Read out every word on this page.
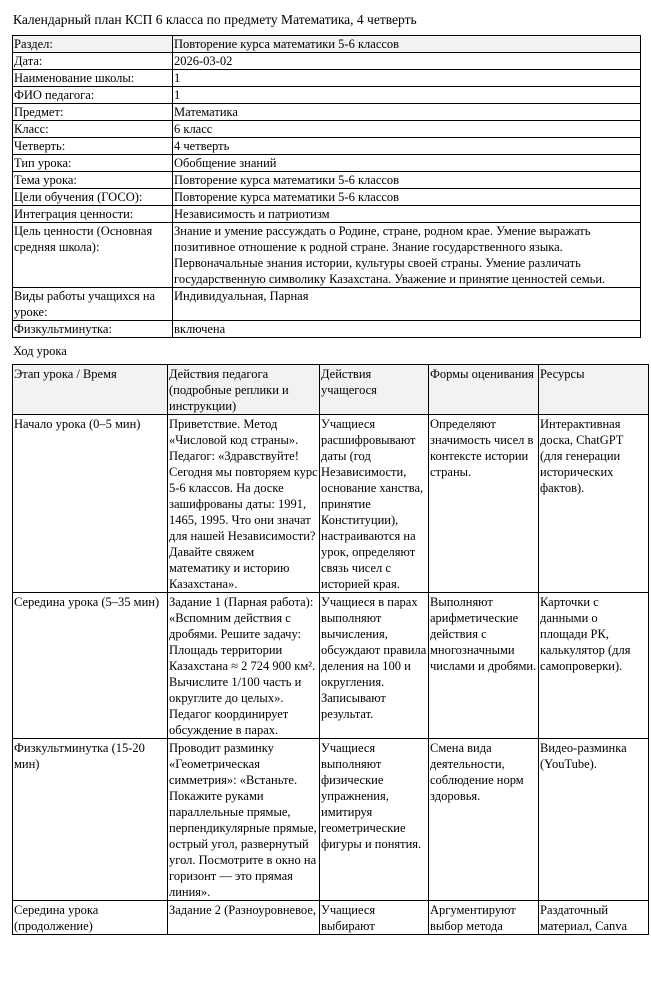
Календарный план КСП 6 класса по предмету Математика, 4 четверть
Раздел:	Повторение курса математики 5-6 классов
Дата:	2026-03-02
Наименование школы:	1
ФИО педагога:	1
Предмет:	Математика
Класс:	6 класс
Четверть:	4 четверть
Тип урока:	Обобщение знаний
Тема урока:	Повторение курса математики 5-6 классов
Цели обучения (ГОСО):	Повторение курса математики 5-6 классов
Интеграция ценности:	Независимость и патриотизм
Цель ценности (Основная средняя школа):	Знание и умение рассуждать о Родине, стране, родном крае. Умение выражать позитивное отношение к родной стране. Знание государственного языка. Первоначальные знания истории, культуры своей страны. Умение различать государственную символику Казахстана. Уважение и принятие ценностей семьи.
Виды работы учащихся на уроке:	Индивидуальная, Парная
Физкультминутка:	включена
Ход урока
Этап урока / Время	Действия педагога (подробные реплики и инструкции)	Действия учащегося	Формы оценивания	Ресурсы
Начало урока (0–5 мин)	Приветствие. Метод «Числовой код страны». Педагог: «Здравствуйте! Сегодня мы повторяем курс 5-6 классов. На доске зашифрованы даты: 1991, 1465, 1995. Что они значат для нашей Независимости? Давайте свяжем математику и историю Казахстана».	Учащиеся расшифровывают даты (год Независимости, основание ханства, принятие Конституции), настраиваются на урок, определяют связь чисел с историей края.	Определяют значимость чисел в контексте истории страны.	Интерактивная доска, ChatGPT (для генерации исторических фактов).
Середина урока (5–35 мин)	Задание 1 (Парная работа): «Вспомним действия с дробями. Решите задачу: Площадь территории Казахстана ≈ 2 724 900 км². Вычислите 1/100 часть и округлите до целых». Педагог координирует обсуждение в парах.	Учащиеся в парах выполняют вычисления, обсуждают правила деления на 100 и округления. Записывают результат.	Выполняют арифметические действия с многозначными числами и дробями.	Карточки с данными о площади РК, калькулятор (для самопроверки).
Физкультминутка (15-20 мин)	Проводит разминку «Геометрическая симметрия»: «Встаньте. Покажите руками параллельные прямые, перпендикулярные прямые, острый угол, развернутый угол. Посмотрите в окно на горизонт — это прямая линия».	Учащиеся выполняют физические упражнения, имитируя геометрические фигуры и понятия.	Смена вида деятельности, соблюдение норм здоровья.	Видео-разминка (YouTube).
Середина урока (продолжение)	Задание 2 (Разноуровневое,	Учащиеся выбирают	Аргументируют выбор метода	Раздаточный материал, Canva
